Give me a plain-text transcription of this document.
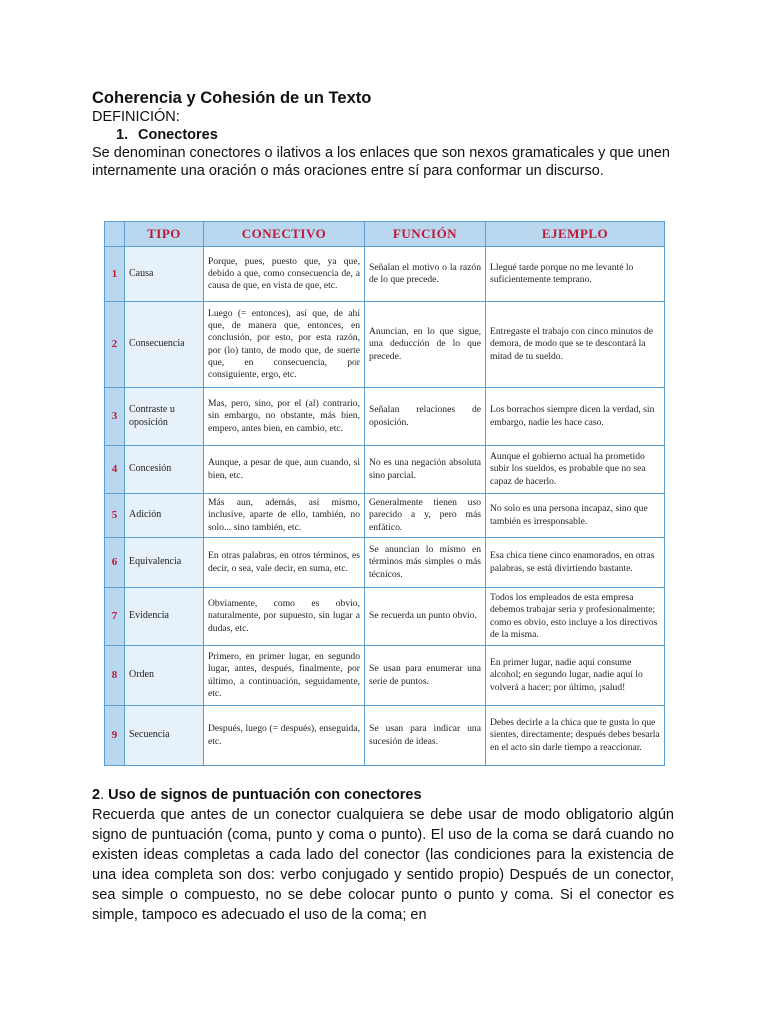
Coherencia y Cohesión de un Texto

DEFINICIÓN:

1. Conectores

Se denominan conectores o ilativos a los enlaces que son nexos gramaticales y que unen internamente una oración o más oraciones entre sí para conformar un discurso.

	TIPO	CONECTIVO	FUNCIÓN	EJEMPLO
1	Causa	Porque, pues, puesto que, ya que, debido a que, como consecuencia de, a causa de que, en vista de que, etc.	Señalan el motivo o la razón de lo que precede.	Llegué tarde porque no me levanté lo suficientemente temprano.
2	Consecuencia	Luego (= entonces), así que, de ahí que, de manera que, entonces, en conclusión, por esto, por esta razón, por (lo) tanto, de modo que, de suerte que, en consecuencia, por consiguiente, ergo, etc.	Anuncian, en lo que sigue, una deducción de lo que precede.	Entregaste el trabajo con cinco minutos de demora, de modo que se te descontará la mitad de tu sueldo.
3	Contraste u oposición	Mas, pero, sino, por el (al) contrario, sin embargo, no obstante, más bien, empero, antes bien, en cambio, etc.	Señalan relaciones de oposición.	Los borrachos siempre dicen la verdad, sin embargo, nadie les hace caso.
4	Concesión	Aunque, a pesar de que, aun cuando, si bien, etc.	No es una negación absoluta sino parcial.	Aunque el gobierno actual ha prometido subir los sueldos, es probable que no sea capaz de hacerlo.
5	Adición	Más aun, además, así mismo, inclusive, aparte de ello, también, no solo... sino también, etc.	Generalmente tienen uso parecido a y, pero más enfático.	No solo es una persona incapaz, sino que también es irresponsable.
6	Equivalencia	En otras palabras, en otros términos, es decir, o sea, vale decir, en suma, etc.	Se anuncian lo mismo en términos más simples o más técnicos.	Esa chica tiene cinco enamorados, en otras palabras, se está divirtiendo bastante.
7	Evidencia	Obviamente, como es obvio, naturalmente, por supuesto, sin lugar a dudas, etc.	Se recuerda un punto obvio.	Todos los empleados de esta empresa debemos trabajar seria y profesionalmente; como es obvio, esto incluye a los directivos de la misma.
8	Orden	Primero, en primer lugar, en segundo lugar, antes, después, finalmente, por último, a continuación, seguidamente, etc.	Se usan para enumerar una serie de puntos.	En primer lugar, nadie aquí consume alcohol; en segundo lugar, nadie aquí lo volverá a hacer; por último, ¡salud!
9	Secuencia	Después, luego (= después), enseguida, etc.	Se usan para indicar una sucesión de ideas.	Debes decirle a la chica que te gusta lo que sientes, directamente; después debes besarla en el acto sin darle tiempo a reaccionar.

2. Uso de signos de puntuación con conectores

Recuerda que antes de un conector cualquiera se debe usar de modo obligatorio algún signo de puntuación (coma, punto y coma o punto). El uso de la coma se dará cuando no existen ideas completas a cada lado del conector (las condiciones para la existencia de una idea completa son dos: verbo conjugado y sentido propio) Después de un conector, sea simple o compuesto, no se debe colocar punto o punto y coma. Si el conector es simple, tampoco es adecuado el uso de la coma; en
